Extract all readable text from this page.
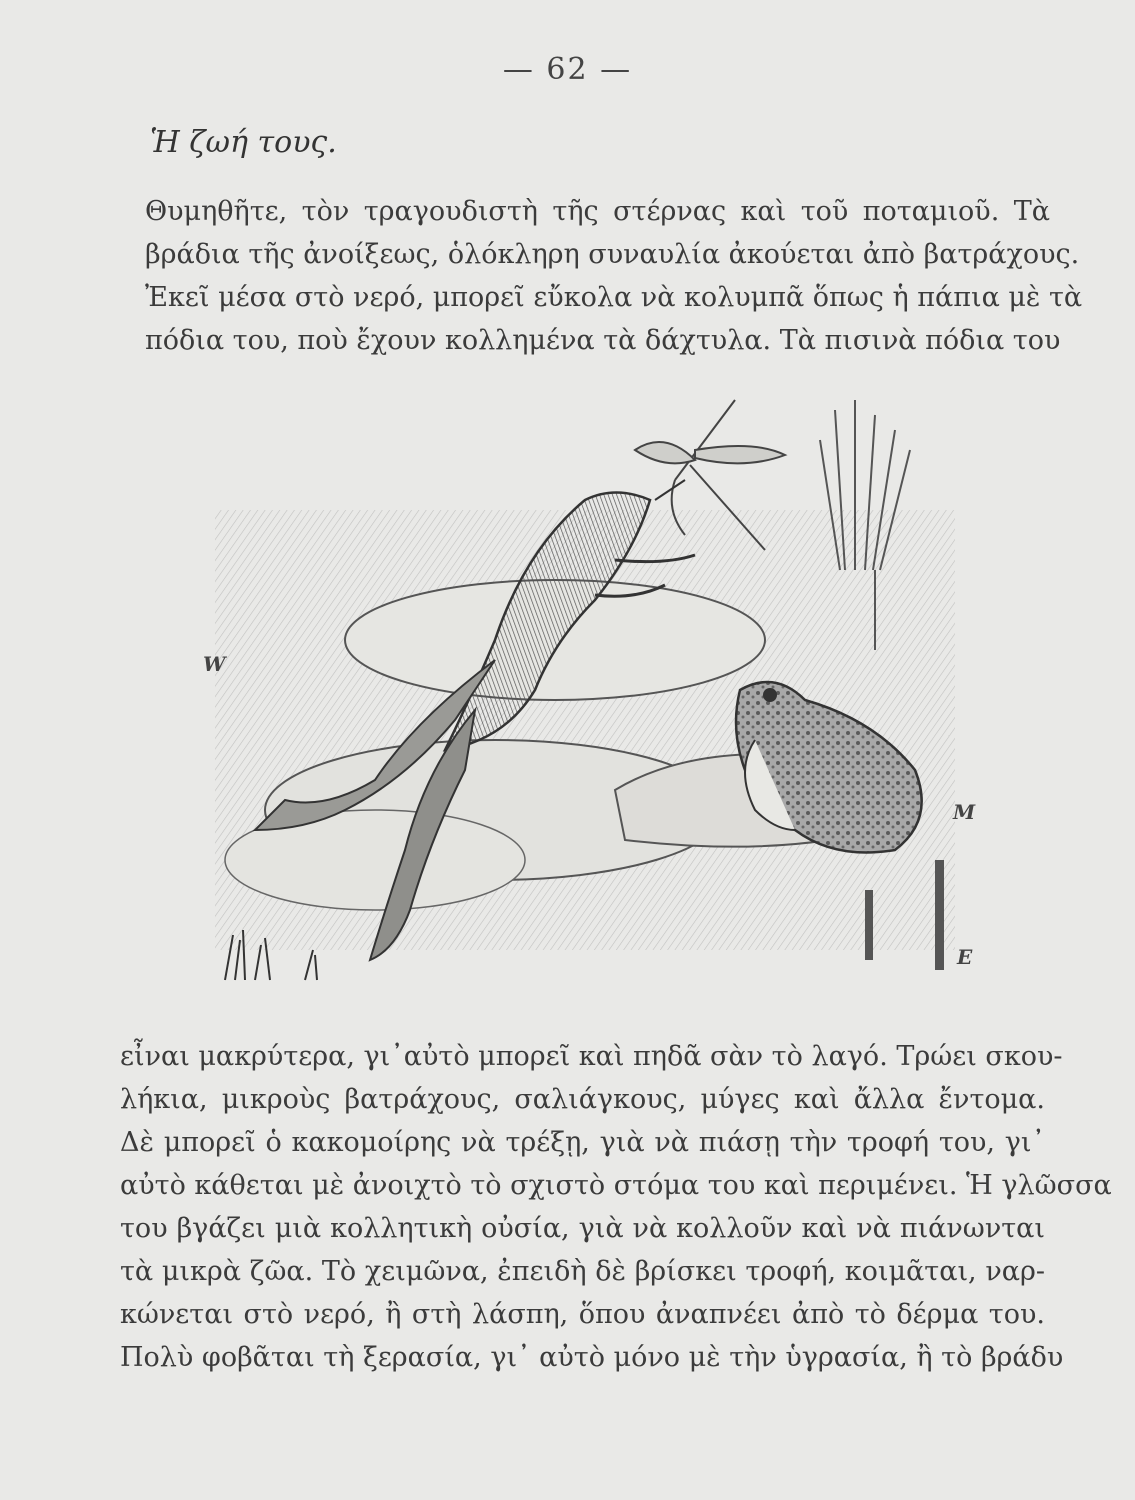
— 62 —
Ἡ ζωή τους.
Θυμηθῆτε, τὸν τραγουδιστὴ τῆς στέρνας καὶ τοῦ ποταμιοῦ. Τὰ
βράδια τῆς ἀνοίξεως, ὁλόκληρη συναυλία ἀκούεται ἀπὸ βατράχους.
Ἐκεῖ μέσα στὸ νερό, μπορεῖ εὔκολα νὰ κολυμπᾶ ὅπως ἡ πάπια μὲ τὰ
πόδια του, ποὺ ἔχουν κολλημένα τὰ δάχτυλα. Τὰ πισινὰ πόδια του
W
M
E
εἶναι μακρύτερα, γι᾿αὐτὸ μπορεῖ καὶ πηδᾶ σὰν τὸ λαγό. Τρώει σκου-
λήκια, μικροὺς βατράχους, σαλιάγκους, μύγες καὶ ἄλλα ἔντομα.
Δὲ μπορεῖ ὁ κακομοίρης νὰ τρέξῃ, γιὰ νὰ πιάσῃ τὴν τροφή του, γι᾿
αὐτὸ κάθεται μὲ ἀνοιχτὸ τὸ σχιστὸ στόμα του καὶ περιμένει. Ἡ γλῶσσα
του βγάζει μιὰ κολλητικὴ οὐσία, γιὰ νὰ κολλοῦν καὶ νὰ πιάνωνται
τὰ μικρὰ ζῶα. Τὸ χειμῶνα, ἐπειδὴ δὲ βρίσκει τροφή, κοιμᾶται, ναρ-
κώνεται στὸ νερό, ἢ στὴ λάσπη, ὅπου ἀναπνέει ἀπὸ τὸ δέρμα του.
Πολὺ φοβᾶται τὴ ξερασία, γι᾿ αὐτὸ μόνο μὲ τὴν ὑγρασία, ἢ τὸ βράδυ
